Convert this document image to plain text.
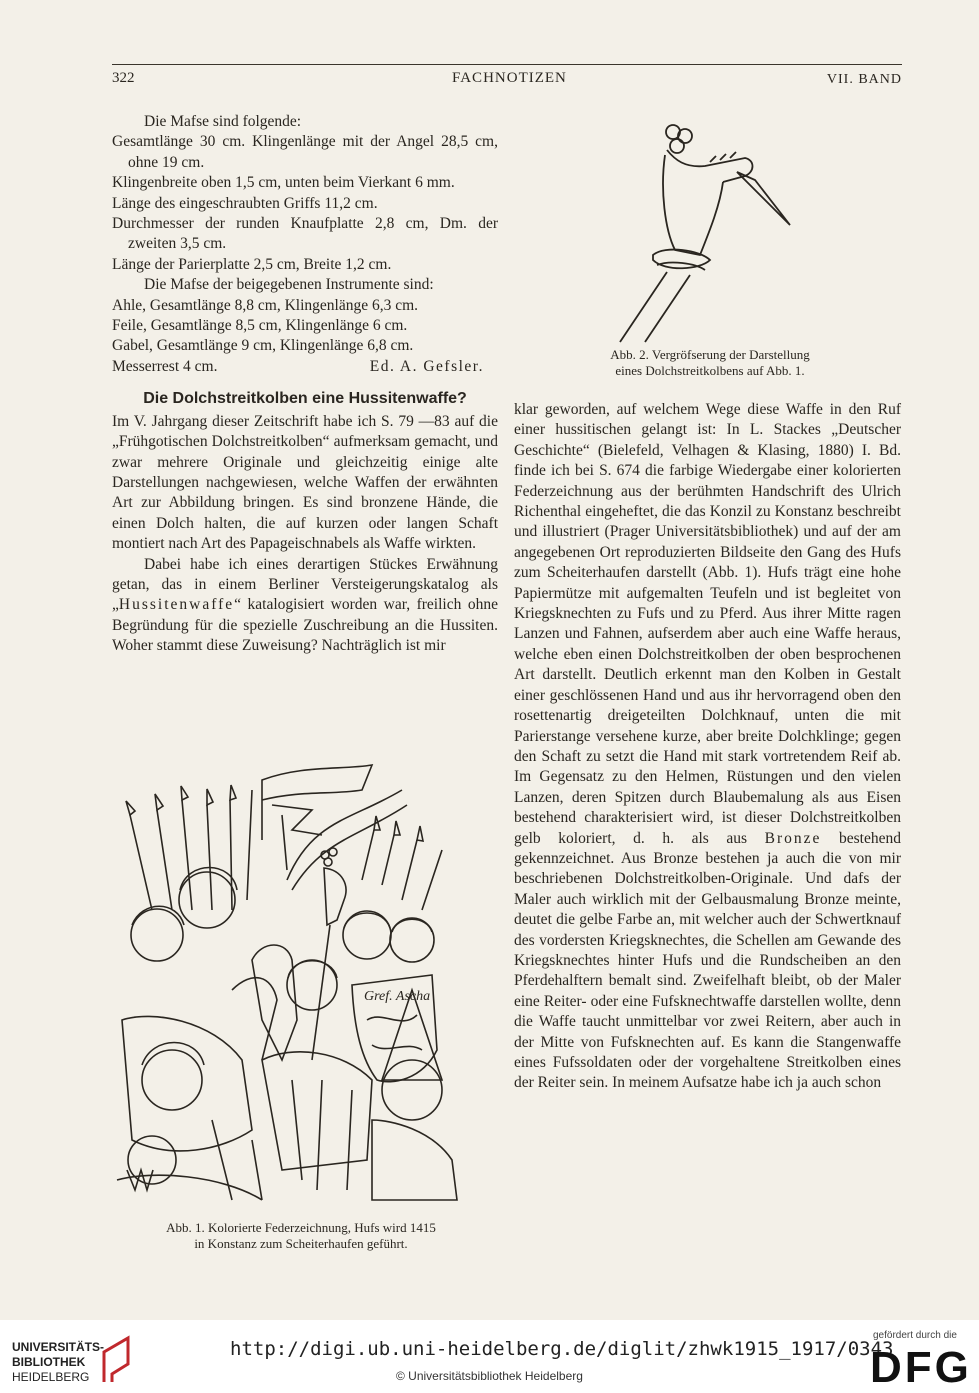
322	FACHNOTIZEN	VII. BAND

Die Mafse sind folgende:

Gesamtlänge 30 cm. Klingenlänge mit der Angel 28,5 cm, ohne 19 cm.

Klingenbreite oben 1,5 cm, unten beim Vierkant 6 mm.

Länge des eingeschraubten Griffs 11,2 cm.

Durchmesser der runden Knaufplatte 2,8 cm, Dm. der zweiten 3,5 cm.

Länge der Parierplatte 2,5 cm, Breite 1,2 cm.

Die Mafse der beigegebenen Instrumente sind:

Ahle, Gesamtlänge 8,8 cm, Klingenlänge 6,3 cm.

Feile, Gesamtlänge 8,5 cm, Klingenlänge 6 cm.

Gabel, Gesamtlänge 9 cm, Klingenlänge 6,8 cm.

Messerrest 4 cm.	Ed. A. Gefsler.

Die Dolchstreitkolben eine Hussitenwaffe?

Im V. Jahrgang dieser Zeitschrift habe ich S. 79 —83 auf die „Frühgotischen Dolchstreitkolben“ aufmerksam gemacht, und zwar mehrere Originale und gleichzeitig einige alte Darstellungen nachgewiesen, welche Waffen der erwähnten Art zur Abbildung bringen. Es sind bronzene Hände, die einen Dolch halten, die auf kurzen oder langen Schaft montiert nach Art des Papageischnabels als Waffe wirkten.

Dabei habe ich eines derartigen Stückes Erwähnung getan, das in einem Berliner Versteigerungskatalog als „Hussitenwaffe“ katalogisiert worden war, freilich ohne Begründung für die spezielle Zuschreibung an die Hussiten. Woher stammt diese Zuweisung? Nachträglich ist mir

Gref. Ascha
Abb. 1. Kolorierte Federzeichnung, Hufs wird 1415
in Konstanz zum Scheiterhaufen geführt.
Abb. 2. Vergröfserung der Darstellung
eines Dolchstreitkolbens auf Abb. 1.

klar geworden, auf welchem Wege diese Waffe in den Ruf einer hussitischen gelangt ist: In L. Stackes „Deutscher Geschichte“ (Bielefeld, Velhagen & Klasing, 1880) I. Bd. finde ich bei S. 674 die farbige Wiedergabe einer kolorierten Federzeichnung aus der berühmten Handschrift des Ulrich Richenthal eingeheftet, die das Konzil zu Konstanz beschreibt und illustriert (Prager Universitätsbibliothek) und auf der am angegebenen Ort reproduzierten Bildseite den Gang des Hufs zum Scheiterhaufen darstellt (Abb. 1). Hufs trägt eine hohe Papiermütze mit aufgemalten Teufeln und ist begleitet von Kriegsknechten zu Fufs und zu Pferd. Aus ihrer Mitte ragen Lanzen und Fahnen, aufserdem aber auch eine Waffe heraus, welche eben einen Dolchstreitkolben der oben besprochenen Art darstellt. Deutlich erkennt man den Kolben in Gestalt einer geschlössenen Hand und aus ihr hervorragend oben den rosettenartig dreigeteilten Dolchknauf, unten die mit Parierstange versehene kurze, aber breite Dolchklinge; gegen den Schaft zu setzt die Hand mit stark vortretendem Reif ab. Im Gegensatz zu den Helmen, Rüstungen und den vielen Lanzen, deren Spitzen durch Blaubemalung als aus Eisen bestehend charakterisiert wird, ist dieser Dolchstreitkolben gelb koloriert, d. h. als aus Bronze bestehend gekennzeichnet. Aus Bronze bestehen ja auch die von mir beschriebenen Dolchstreitkolben-Originale. Und dafs der Maler auch wirklich mit der Gelbausmalung Bronze meinte, deutet die gelbe Farbe an, mit welcher auch der Schwertknauf des vordersten Kriegsknechtes, die Schellen am Gewande des Kriegsknechtes hinter Hufs und die Rundscheiben an den Pferdehalftern bemalt sind. Zweifelhaft bleibt, ob der Maler eine Reiter- oder eine Fufsknechtwaffe darstellen wollte, denn die Waffe taucht unmittelbar vor zwei Reitern, aber auch in der Mitte von Fufsknechten auf. Es kann die Stangenwaffe eines Fufssoldaten oder der vorgehaltene Streitkolben eines der Reiter sein. In meinem Aufsatze habe ich ja auch schon

UNIVERSITÄTS-
BIBLIOTHEK
HEIDELBERG
http://digi.ub.uni-heidelberg.de/diglit/zhwk1915_1917/0343
© Universitätsbibliothek Heidelberg
gefördert durch die
DFG
